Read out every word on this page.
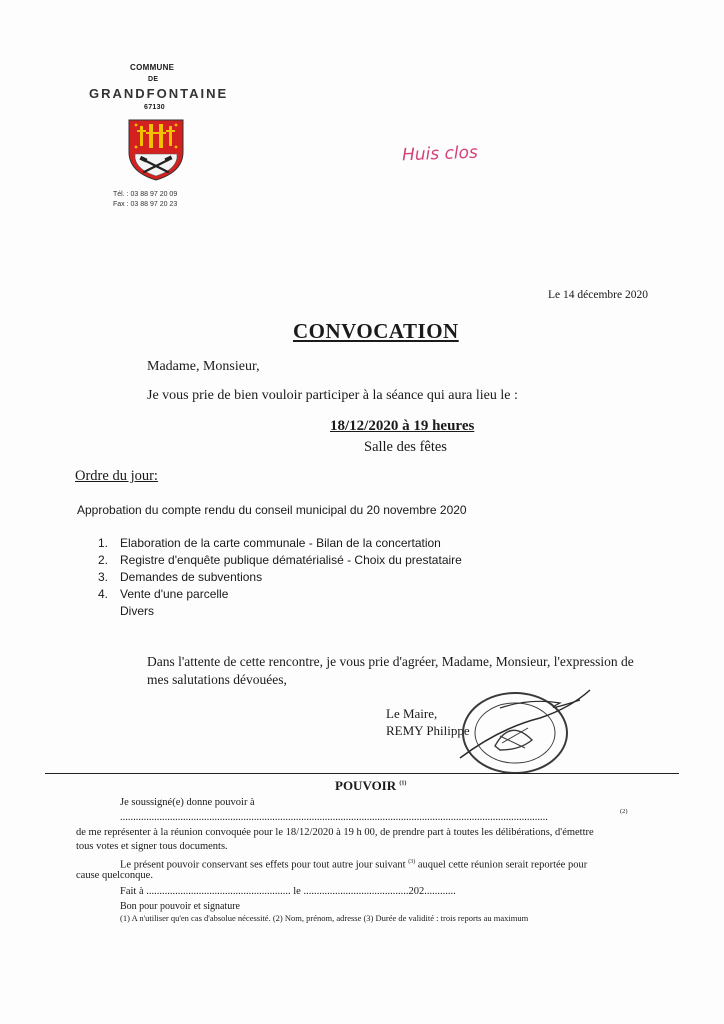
COMMUNE
DE
GRANDFONTAINE
67130
Tél. : 03 88 97 20 09
Fax : 03 88 97 20 23
Huis clos
Le 14 décembre 2020
CONVOCATION
Madame, Monsieur,
Je vous prie de bien vouloir participer à la séance qui aura lieu le :
18/12/2020 à 19 heures
Salle des fêtes
Ordre du jour:
Approbation du compte rendu du conseil municipal du 20 novembre 2020
1. Elaboration de la carte communale - Bilan de la concertation
2. Registre d'enquête publique dématérialisé - Choix du prestataire
3. Demandes de subventions
4. Vente d'une parcelle
Divers
Dans l'attente de cette rencontre, je vous prie d'agréer, Madame, Monsieur, l'expression de
mes salutations dévouées,
Le Maire,
REMY Philippe
POUVOIR $^{(1)}$
Je soussigné(e) donne pouvoir à
...................................................................................................................................................................
(2)
de me représenter à la réunion convoquée pour le 18/12/2020 à 19 h 00, de prendre part à toutes les délibérations, d'émettre
tous votes et signer tous documents.
Le présent pouvoir conservant ses effets pour tout autre jour suivant $^{(3)}$ auquel cette réunion serait reportée pour
cause quelconque.
Fait à ....................................................... le ........................................202............
Bon pour pouvoir et signature
(1) A n'utiliser qu'en cas d'absolue nécessité. (2) Nom, prénom, adresse (3) Durée de validité : trois reports au maximum
